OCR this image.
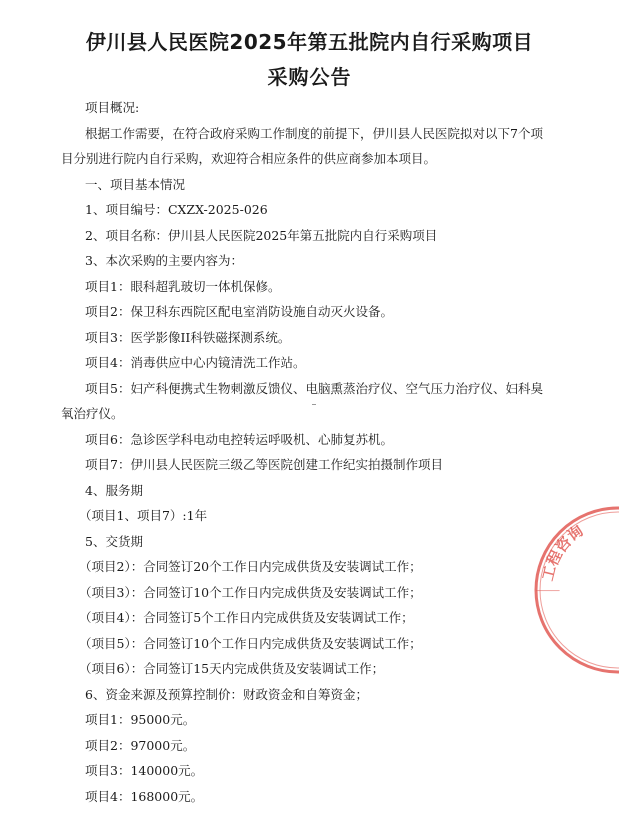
伊川县人民医院2025年第五批院内自行采购项目
采购公告
项目概况:
根据工作需要，在符合政府采购工作制度的前提下，伊川县人民医院拟对以下7个项
目分别进行院内自行采购，欢迎符合相应条件的供应商参加本项目。
一、项目基本情况
1、项目编号：CXZX-2025-026
2、项目名称：伊川县人民医院2025年第五批院内自行采购项目
3、本次采购的主要内容为：
项目1：眼科超乳玻切一体机保修。
项目2：保卫科东西院区配电室消防设施自动灭火设备。
项目3：医学影像II科铁磁探测系统。
项目4：消毒供应中心内镜清洗工作站。
项目5：妇产科便携式生物刺激反馈仪、电脑熏蒸治疗仪、空气压力治疗仪、妇科臭
氧治疗仪。
项目6：急诊医学科电动电控转运呼吸机、心肺复苏机。
项目7：伊川县人民医院三级乙等医院创建工作纪实拍摄制作项目
4、服务期
（项目1、项目7）:1年
5、交货期
（项目2）：合同签订20个工作日内完成供货及安装调试工作；
（项目3）：合同签订10个工作日内完成供货及安装调试工作；
（项目4）：合同签订5个工作日内完成供货及安装调试工作；
（项目5）：合同签订10个工作日内完成供货及安装调试工作；
（项目6）：合同签订15天内完成供货及安装调试工作；
6、资金来源及预算控制价：财政资金和自筹资金；
项目1：95000元。
项目2：97000元。
项目3：140000元。
项目4：168000元。
工程咨询
───
